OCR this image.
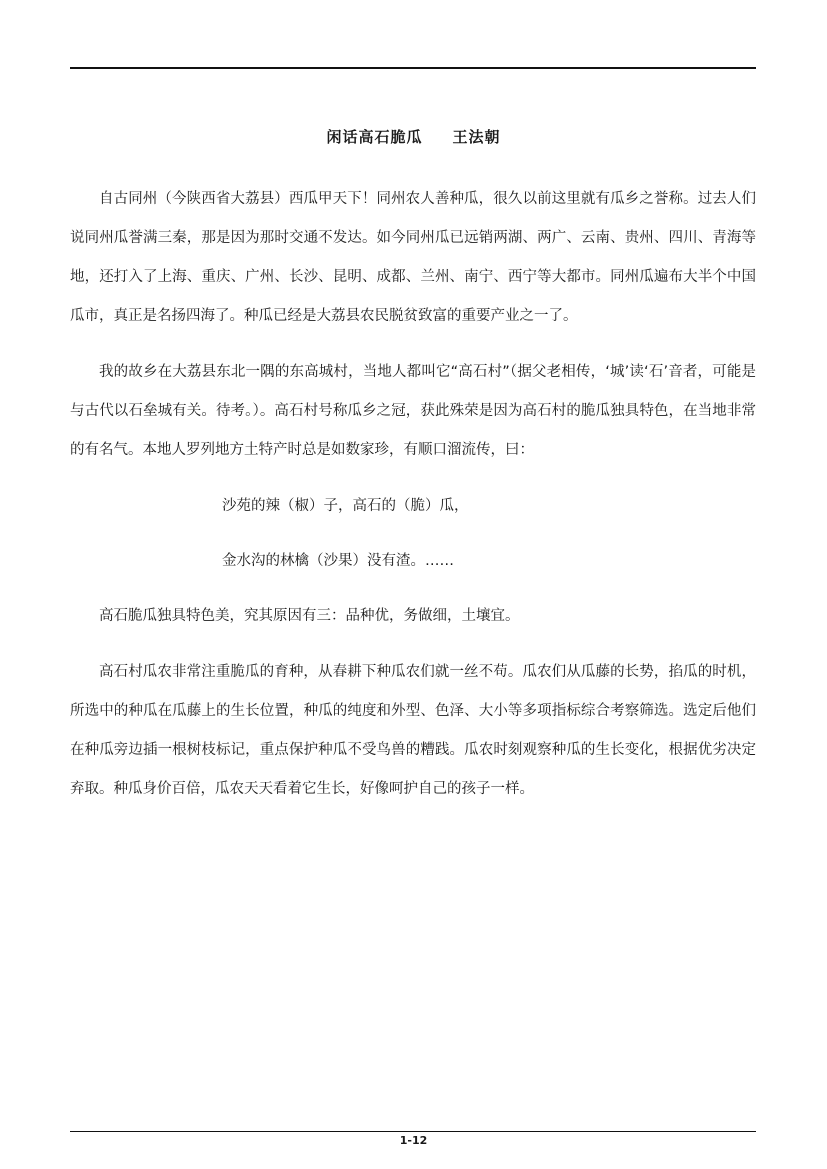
闲话高石脆瓜 王法朝

自古同州（今陕西省大荔县）西瓜甲天下！同州农人善种瓜，很久以前这里就有瓜乡之誉称。过去人们说同州瓜誉满三秦，那是因为那时交通不发达。如今同州瓜已远销两湖、两广、云南、贵州、四川、青海等地，还打入了上海、重庆、广州、长沙、昆明、成都、兰州、南宁、西宁等大都市。同州瓜遍布大半个中国瓜市，真正是名扬四海了。种瓜已经是大荔县农民脱贫致富的重要产业之一了。

我的故乡在大荔县东北一隅的东高城村，当地人都叫它“高石村”（据父老相传，‘城’读‘石’音者，可能是与古代以石垒城有关。待考。）。高石村号称瓜乡之冠，获此殊荣是因为高石村的脆瓜独具特色，在当地非常的有名气。本地人罗列地方土特产时总是如数家珍，有顺口溜流传，曰：

沙苑的辣（椒）子，高石的（脆）瓜，

金水沟的林檎（沙果）没有渣。……

高石脆瓜独具特色美，究其原因有三：品种优，务做细，土壤宜。

高石村瓜农非常注重脆瓜的育种，从春耕下种瓜农们就一丝不苟。瓜农们从瓜藤的长势，掐瓜的时机，所选中的种瓜在瓜藤上的生长位置，种瓜的纯度和外型、色泽、大小等多项指标综合考察筛选。选定后他们在种瓜旁边插一根树枝标记，重点保护种瓜不受鸟兽的糟践。瓜农时刻观察种瓜的生长变化，根据优劣决定弃取。种瓜身价百倍，瓜农天天看着它生长，好像呵护自己的孩子一样。

1-12
